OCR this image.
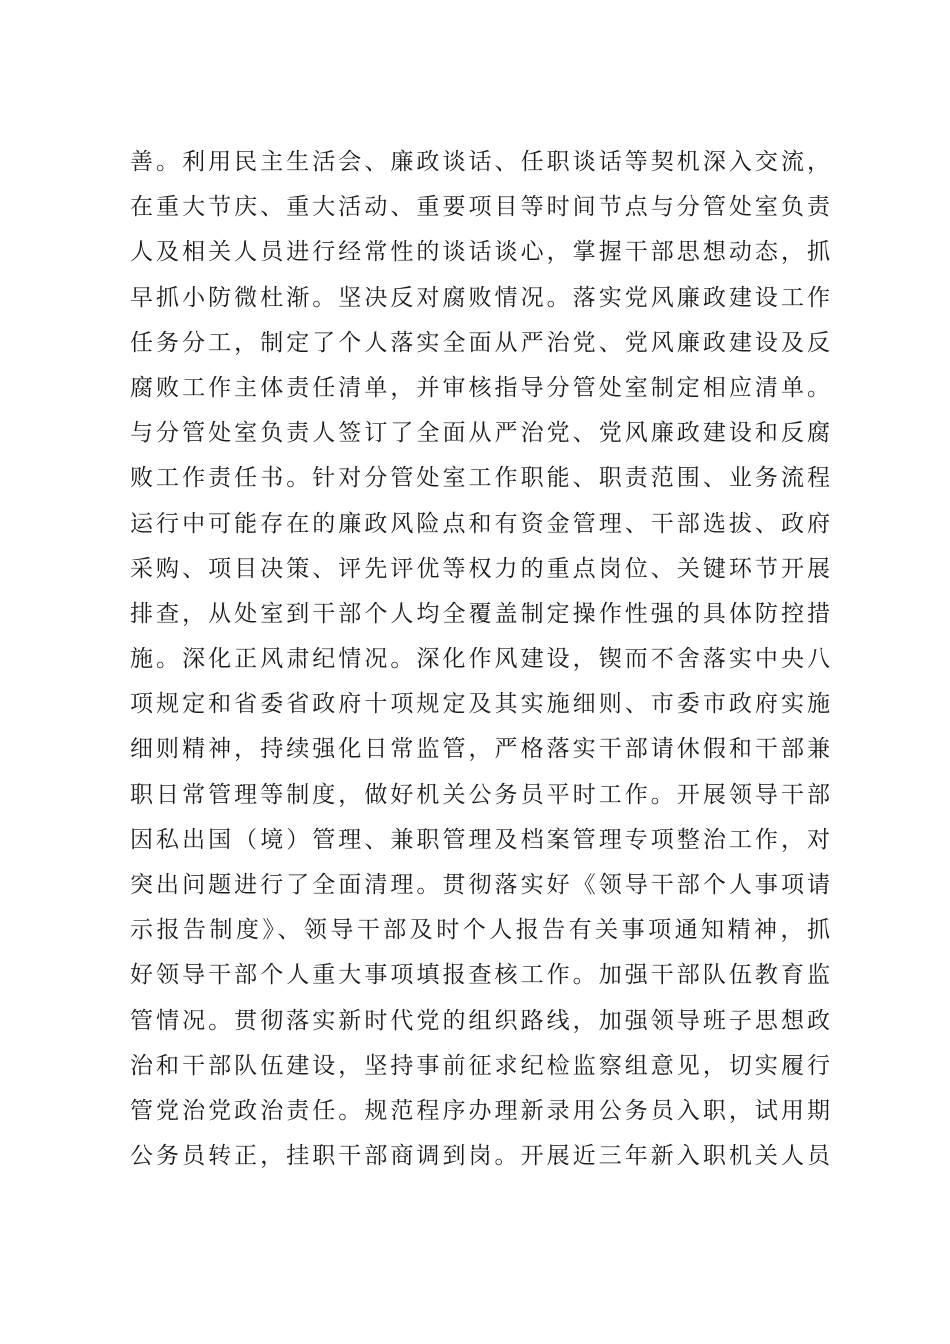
善。利用民主生活会、廉政谈话、任职谈话等契机深入交流，
在重大节庆、重大活动、重要项目等时间节点与分管处室负责
人及相关人员进行经常性的谈话谈心，掌握干部思想动态，抓
早抓小防微杜渐。坚决反对腐败情况。落实党风廉政建设工作
任务分工，制定了个人落实全面从严治党、党风廉政建设及反
腐败工作主体责任清单，并审核指导分管处室制定相应清单。
与分管处室负责人签订了全面从严治党、党风廉政建设和反腐
败工作责任书。针对分管处室工作职能、职责范围、业务流程
运行中可能存在的廉政风险点和有资金管理、干部选拔、政府
采购、项目决策、评先评优等权力的重点岗位、关键环节开展
排查，从处室到干部个人均全覆盖制定操作性强的具体防控措
施。深化正风肃纪情况。深化作风建设，锲而不舍落实中央八
项规定和省委省政府十项规定及其实施细则、市委市政府实施
细则精神，持续强化日常监管，严格落实干部请休假和干部兼
职日常管理等制度，做好机关公务员平时工作。开展领导干部
因私出国（境）管理、兼职管理及档案管理专项整治工作，对
突出问题进行了全面清理。贯彻落实好《领导干部个人事项请
示报告制度》、领导干部及时个人报告有关事项通知精神，抓
好领导干部个人重大事项填报查核工作。加强干部队伍教育监
管情况。贯彻落实新时代党的组织路线，加强领导班子思想政
治和干部队伍建设，坚持事前征求纪检监察组意见，切实履行
管党治党政治责任。规范程序办理新录用公务员入职，试用期
公务员转正，挂职干部商调到岗。开展近三年新入职机关人员
